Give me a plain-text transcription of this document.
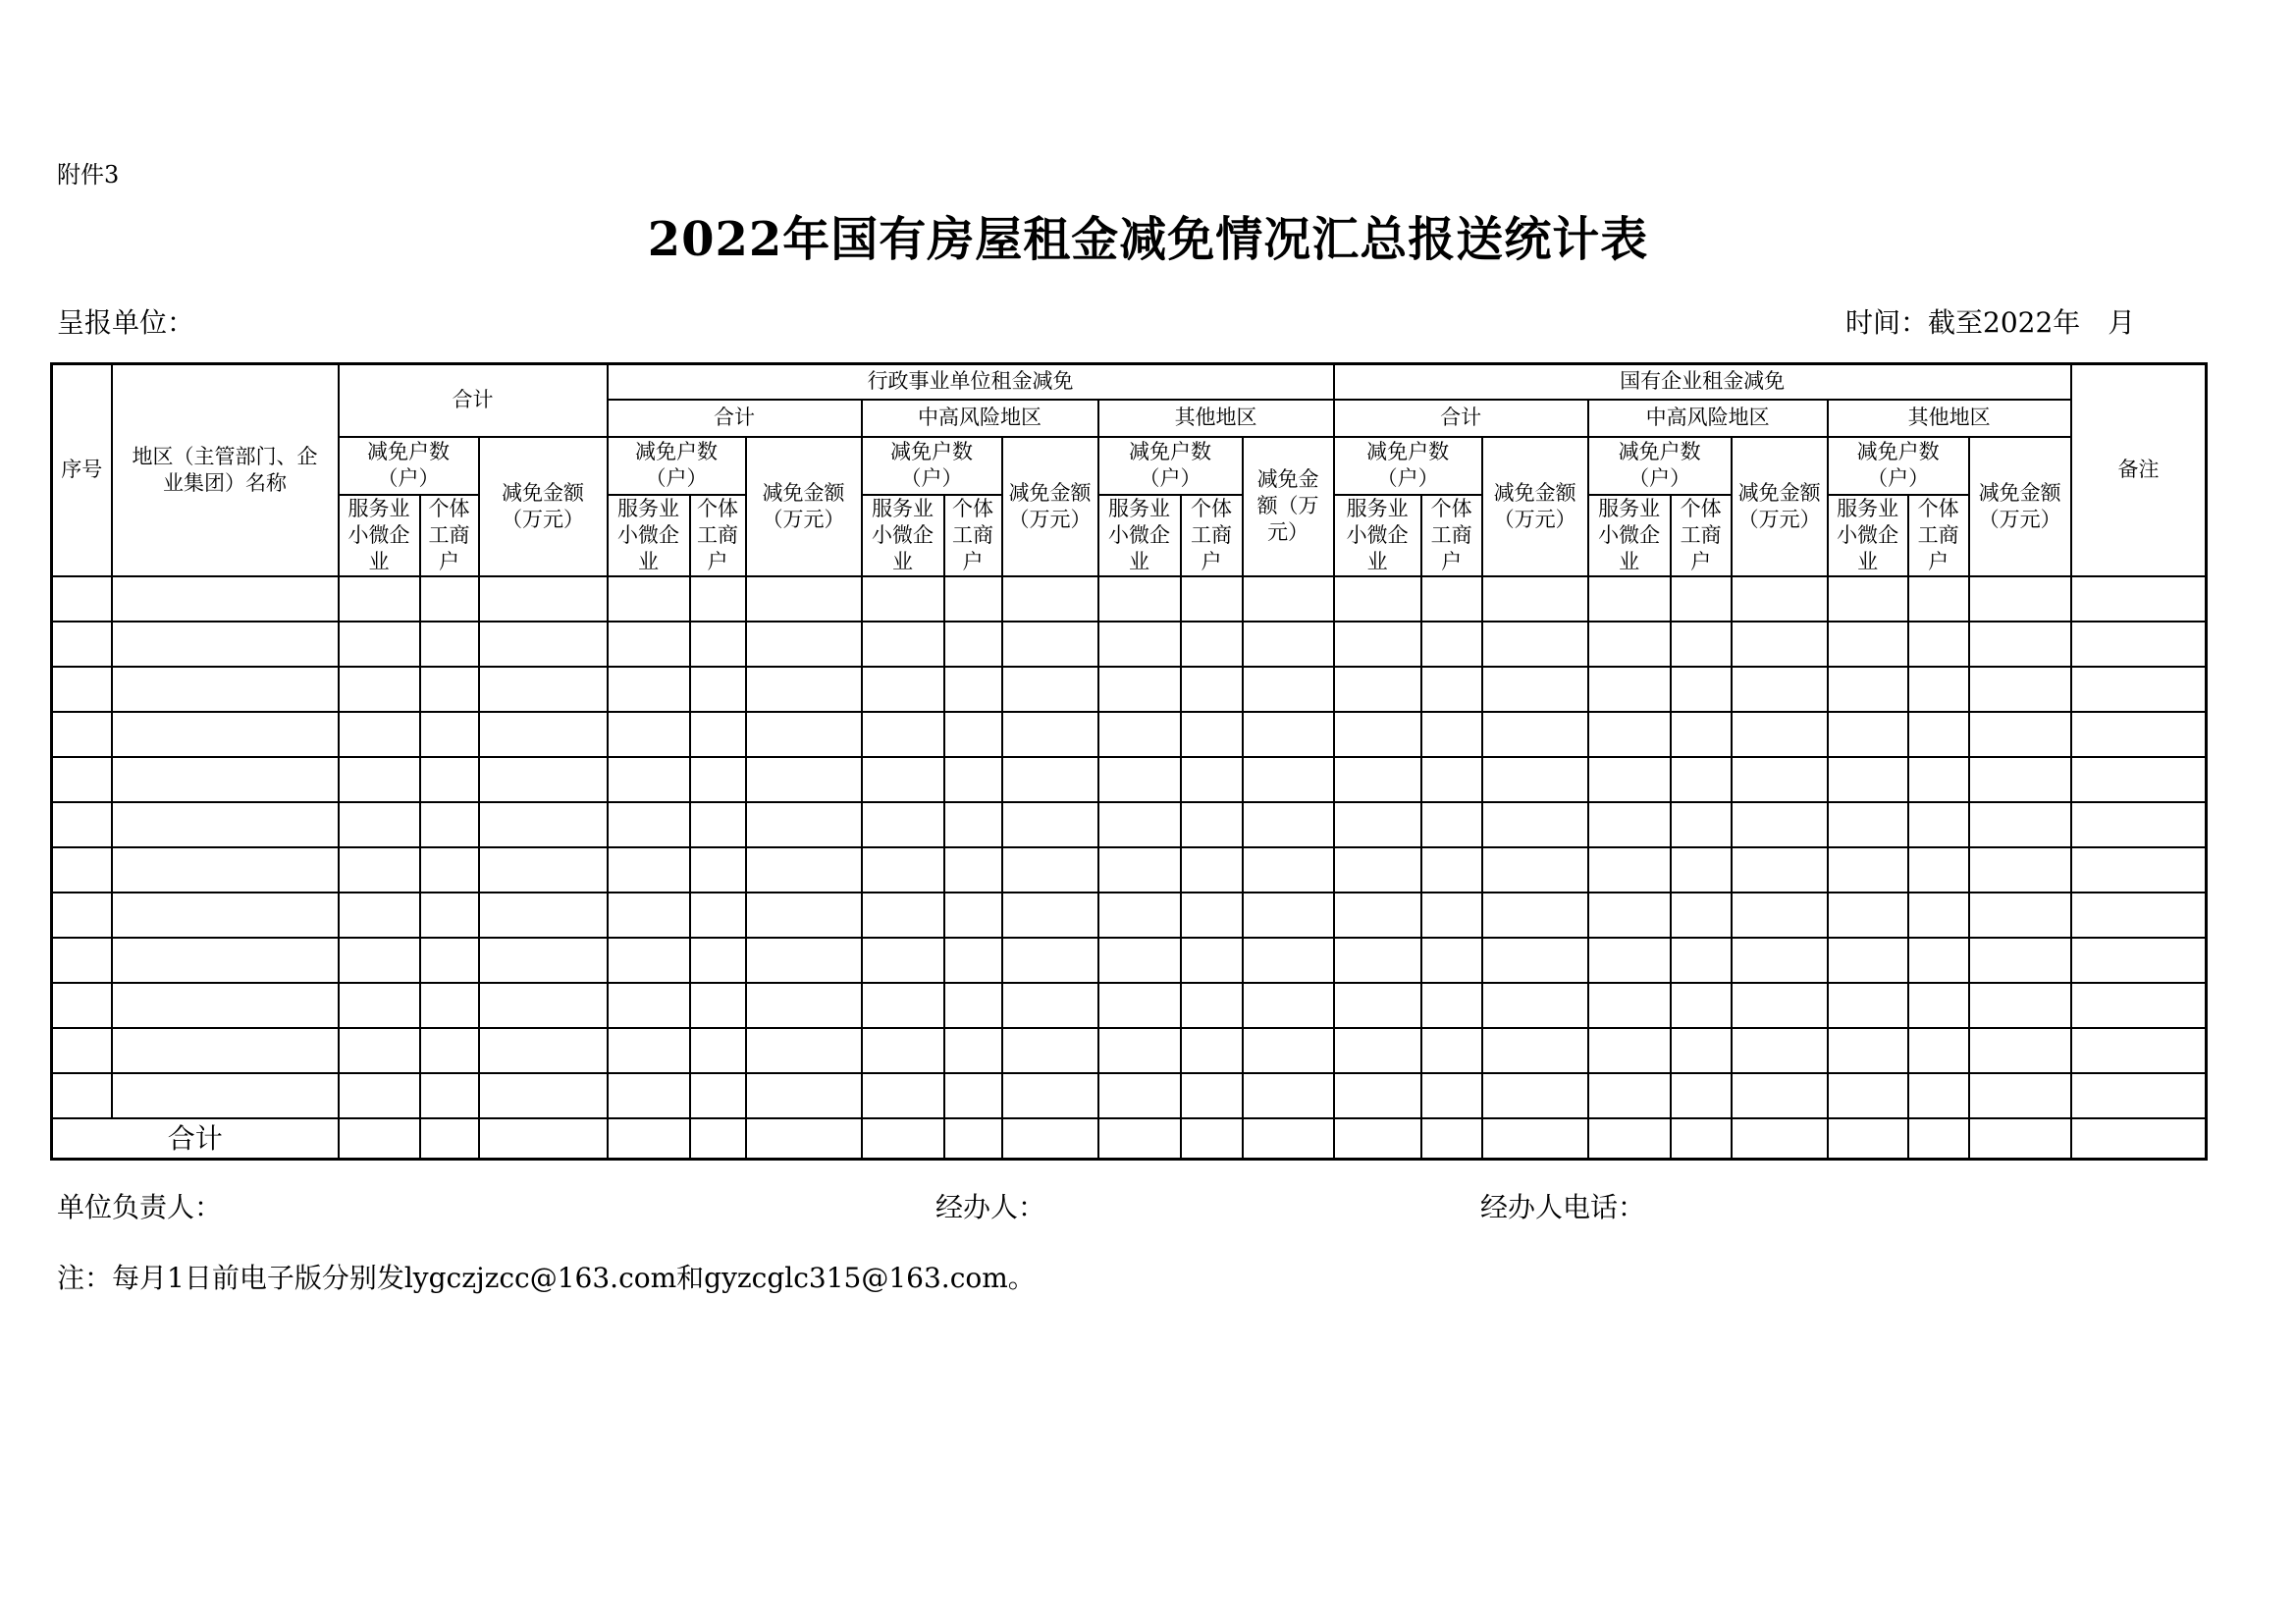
附件3
2022年国有房屋租金减免情况汇总报送统计表
呈报单位：	时间：截至2022年　月
序号	地区（主管部门、企业集团）名称	合计			行政事业单位租金减免									国有企业租金减免									备注
					合计			中高风险地区			其他地区			合计			中高风险地区			其他地区			

		减免户数（户）		减免金额（万元）	减免户数（户）		减免金额（万元）	减免户数（户）		减免金额（万元）	减免户数（户）		减免金额（万元）	减免户数（户）		减免金额（万元）	减免户数（户）		减免金额（万元）	减免户数（户）		减免金额（万元）	

		服务业小微企业	个体工商户		服务业小微企业	个体工商户		服务业小微企业	个体工商户		服务业小微企业	个体工商户		服务业小微企业	个体工商户		服务业小微企业	个体工商户		服务业小微企业	个体工商户		

合计																							
单位负责人：	经办人：	经办人电话：
注：每月1日前电子版分别发lygczjzcc@163.com和gyzcglc315@163.com。
